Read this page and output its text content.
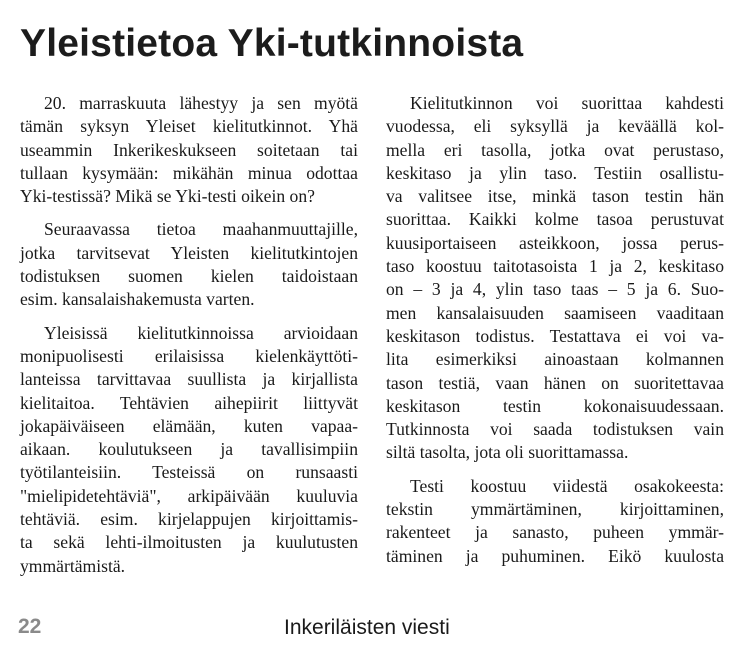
Yleistietoa Yki-tutkinnoista

20. marraskuuta lähestyy ja sen myötä
tämän syksyn Yleiset kielitutkinnot. Yhä
useammin Inkerikeskukseen soitetaan tai
tullaan kysymään: mikähän minua odottaa
Yki-testissä? Mikä se Yki-testi oikein on?

Seuraavassa tietoa maahanmuuttajille,
jotka tarvitsevat Yleisten kielitutkintojen
todistuksen suomen kielen taidoistaan
esim. kansalaishakemusta varten.

Yleisissä kielitutkinnoissa arvioidaan
monipuolisesti erilaisissa kielenkäyttöti-
lanteissa tarvittavaa suullista ja kirjallista
kielitaitoa. Tehtävien aihepiirit liittyvät
jokapäiväiseen elämään, kuten vapaa-
aikaan. koulutukseen ja tavallisimpiin
työtilanteisiin. Testeissä on runsaasti
"mielipidetehtäviä", arkipäivään kuuluvia
tehtäviä. esim. kirjelappujen kirjoittamis-
ta sekä lehti-ilmoitusten ja kuulutusten
ymmärtämistä.

Kielitutkinnon voi suorittaa kahdesti
vuodessa, eli syksyllä ja keväällä kol-
mella eri tasolla, jotka ovat perustaso,
keskitaso ja ylin taso. Testiin osallistu-
va valitsee itse, minkä tason testin hän
suorittaa. Kaikki kolme tasoa perustuvat
kuusiportaiseen asteikkoon, jossa perus-
taso koostuu taitotasoista 1 ja 2, keskitaso
on – 3 ja 4, ylin taso taas – 5 ja 6. Suo-
men kansalaisuuden saamiseen vaaditaan
keskitason todistus. Testattava ei voi va-
lita esimerkiksi ainoastaan kolmannen
tason testiä, vaan hänen on suoritettavaa
keskitason testin kokonaisuudessaan.
Tutkinnosta voi saada todistuksen vain
siltä tasolta, jota oli suorittamassa.

Testi koostuu viidestä osakokeesta:
tekstin ymmärtäminen, kirjoittaminen,
rakenteet ja sanasto, puheen ymmär-
täminen ja puhuminen. Eikö kuulosta

22	Inkeriläisten viesti
